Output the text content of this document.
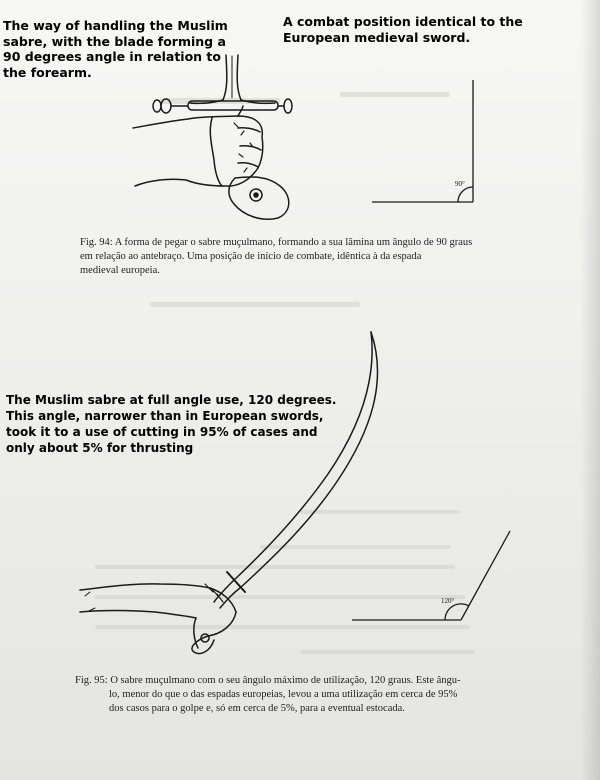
90°
120°
The way of handling the Muslim
sabre, with the blade forming a
90 degrees angle in relation to
the forearm.
A combat position identical to the
European medieval sword.
Fig. 94: A forma de pegar o sabre muçulmano, formando a sua lâmina um ângulo de 90 graus
em relação ao antebraço. Uma posição de início de combate, idêntica à da espada
medieval europeia.
The Muslim sabre at full angle use, 120 degrees.
This angle, narrower than in European swords,
took it to a use of cutting in 95% of cases and
only about 5% for thrusting
Fig. 95: O sabre muçulmano com o seu ângulo máximo de utilização, 120 graus. Este ângu-
lo, menor do que o das espadas europeias, levou a uma utilização em cerca de 95%
dos casos para o golpe e, só em cerca de 5%, para a eventual estocada.
